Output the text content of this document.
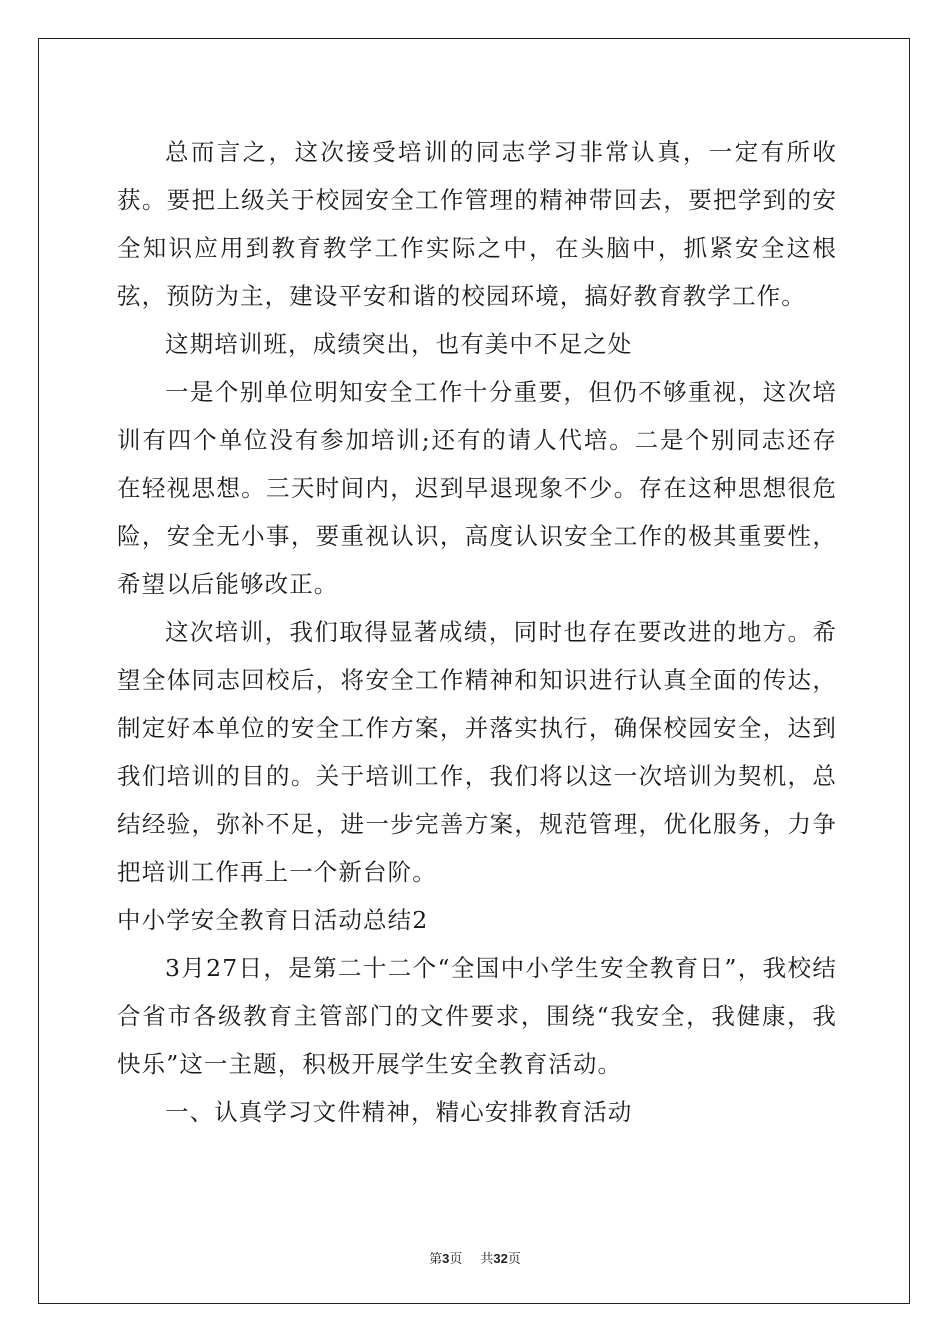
总而言之，这次接受培训的同志学习非常认真，一定有所收获。要把上级关于校园安全工作管理的精神带回去，要把学到的安全知识应用到教育教学工作实际之中，在头脑中，抓紧安全这根弦，预防为主，建设平安和谐的校园环境，搞好教育教学工作。

这期培训班，成绩突出，也有美中不足之处

一是个别单位明知安全工作十分重要，但仍不够重视，这次培训有四个单位没有参加培训;还有的请人代培。二是个别同志还存在轻视思想。三天时间内，迟到早退现象不少。存在这种思想很危险，安全无小事，要重视认识，高度认识安全工作的极其重要性，希望以后能够改正。

这次培训，我们取得显著成绩，同时也存在要改进的地方。希望全体同志回校后，将安全工作精神和知识进行认真全面的传达，制定好本单位的安全工作方案，并落实执行，确保校园安全，达到我们培训的目的。关于培训工作，我们将以这一次培训为契机，总结经验，弥补不足，进一步完善方案，规范管理，优化服务，力争把培训工作再上一个新台阶。

中小学安全教育日活动总结2

3月27日，是第二十二个“全国中小学生安全教育日”，我校结合省市各级教育主管部门的文件要求，围绕“我安全，我健康，我快乐”这一主题，积极开展学生安全教育活动。

一、认真学习文件精神，精心安排教育活动

第3页 共32页
